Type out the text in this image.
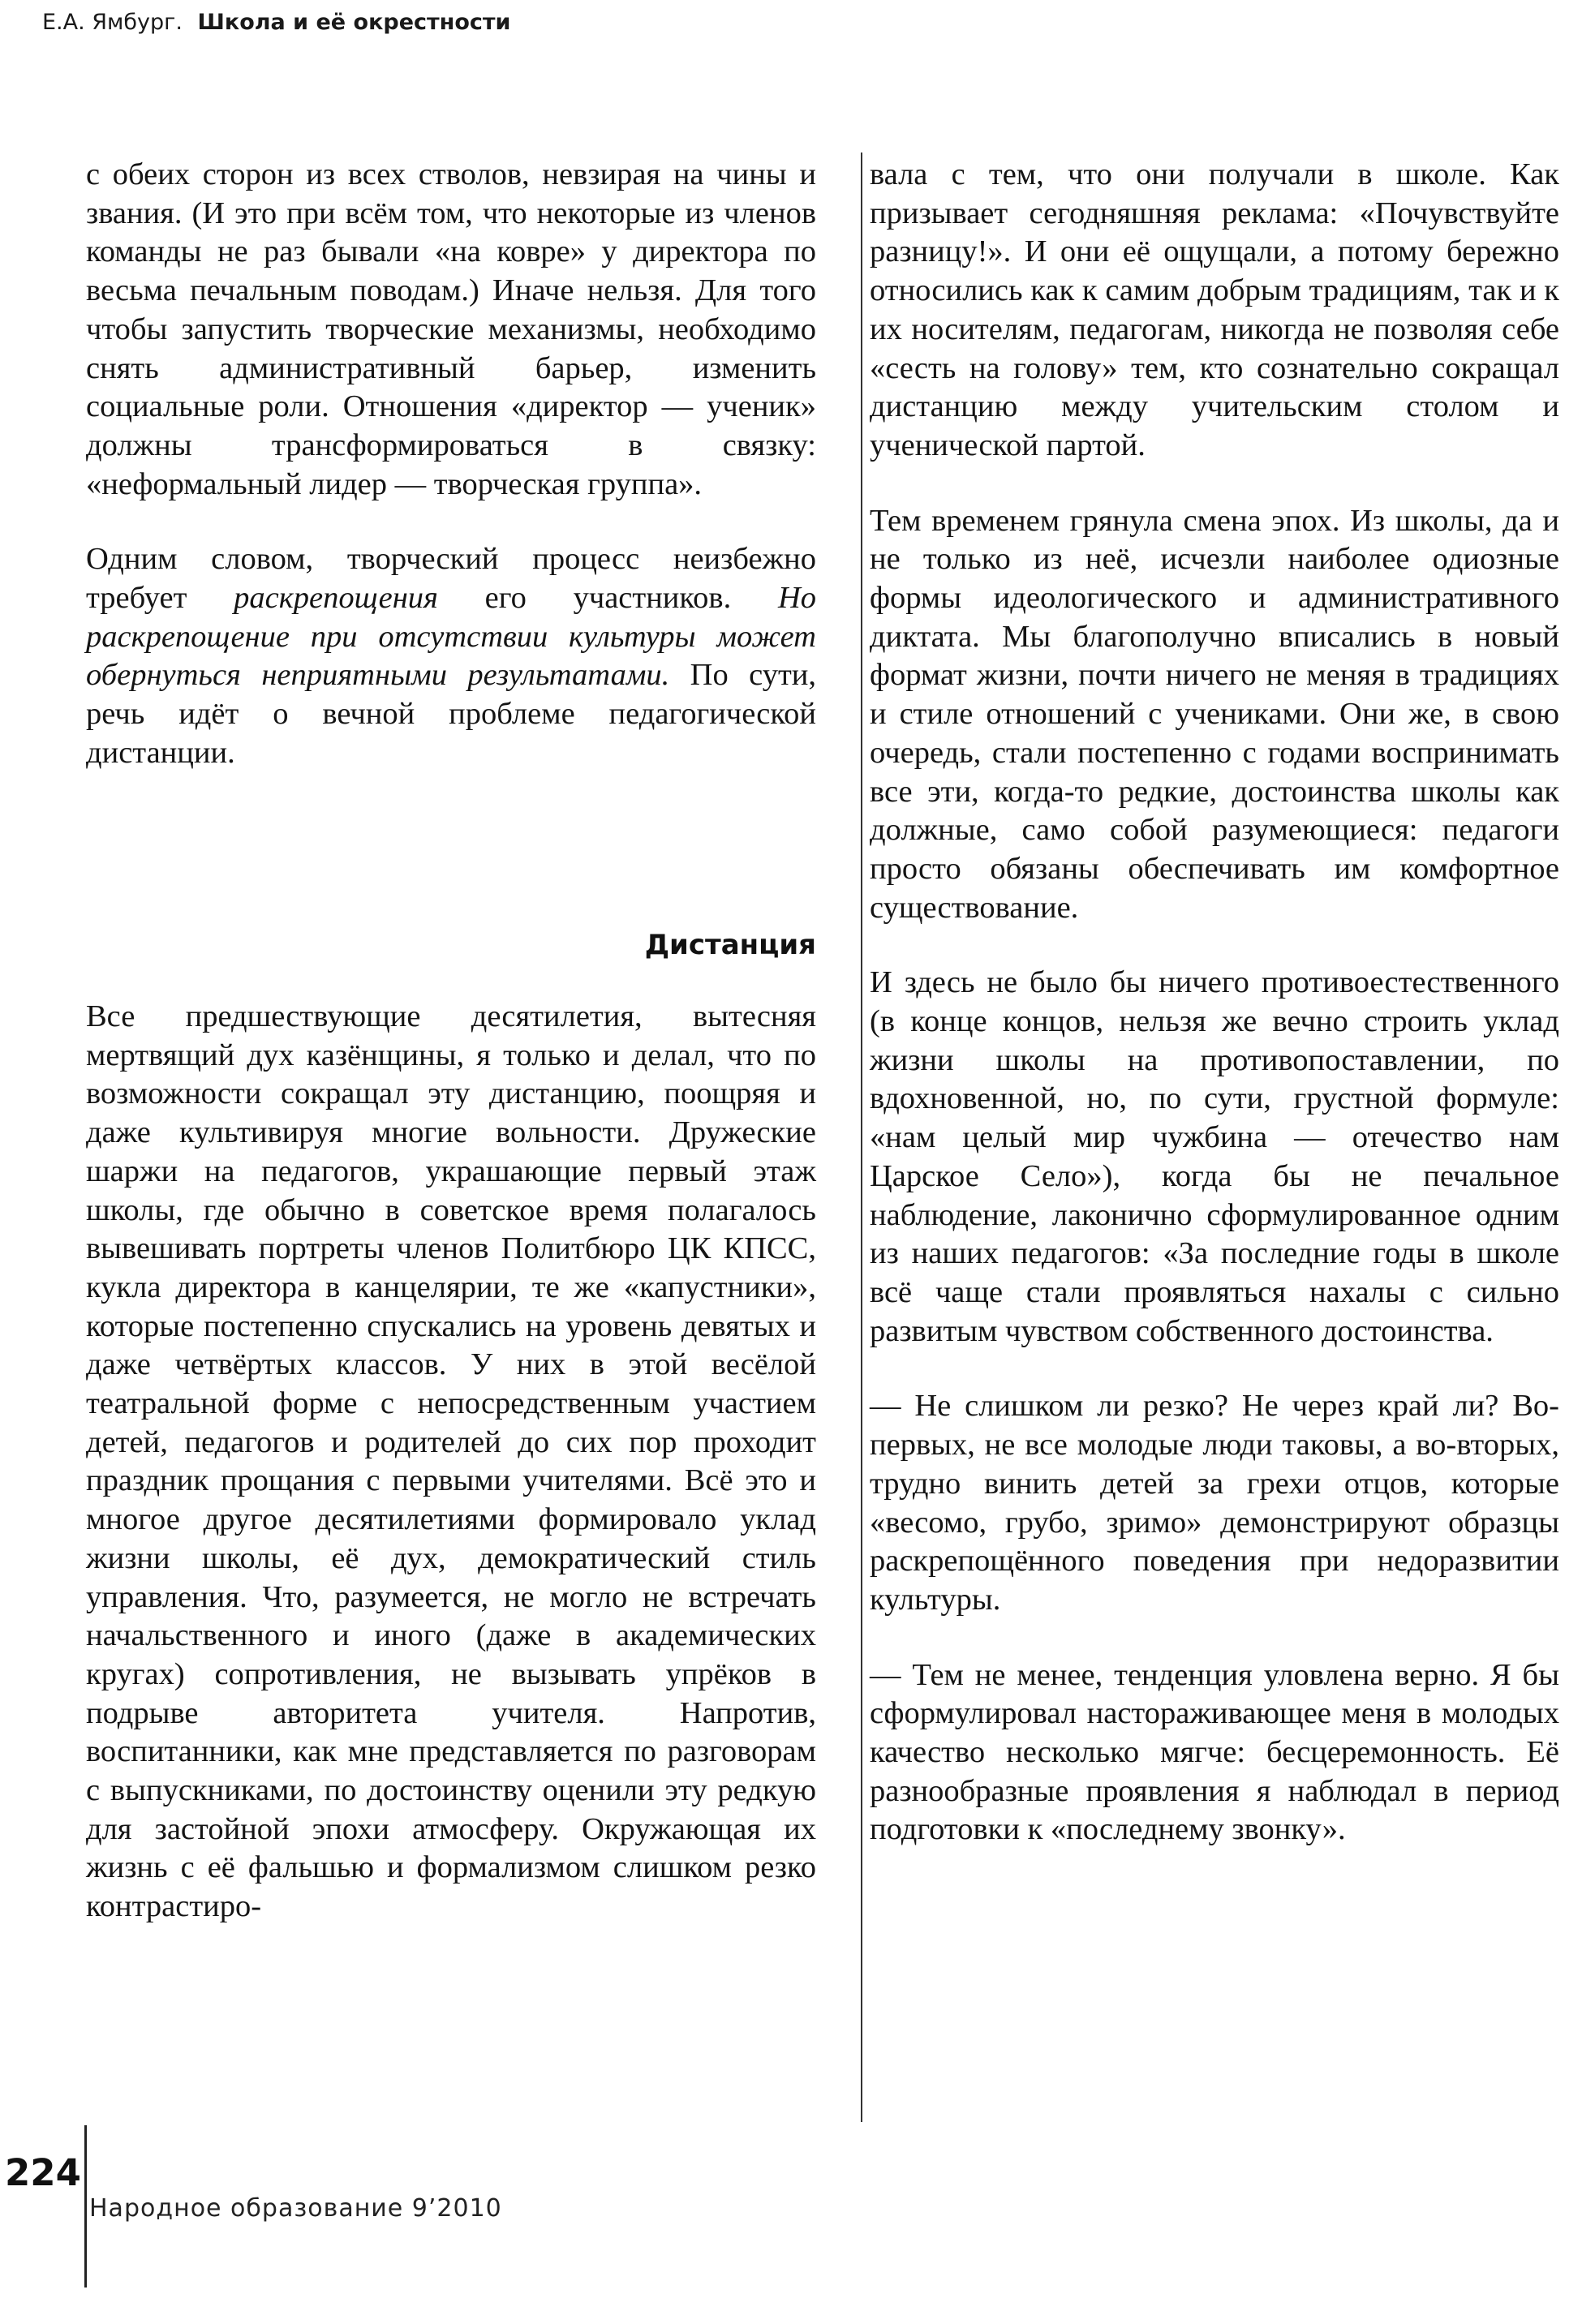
Е.А. Ямбург. Школа и её окрестности

с обеих сторон из всех стволов, невзирая на чины и звания. (И это при всём том, что некоторые из членов команды не раз бывали «на ковре» у директора по весьма печальным поводам.) Иначе нельзя. Для того чтобы запустить творческие механизмы, необходимо снять административный барьер, изменить социальные роли. Отношения «директор — ученик» должны трансформироваться в связку: «неформальный лидер — творческая группа».

Одним словом, творческий процесс неизбежно требует раскрепощения его участников. Но раскрепощение при отсутствии культуры может обернуться неприятными результатами. По сути, речь идёт о вечной проблеме педагогической дистанции.

Дистанция

Все предшествующие десятилетия, вытесняя мертвящий дух казёнщины, я только и делал, что по возможности сокращал эту дистанцию, поощряя и даже культивируя многие вольности. Дружеские шаржи на педагогов, украшающие первый этаж школы, где обычно в советское время полагалось вывешивать портреты членов Политбюро ЦК КПСС, кукла директора в канцелярии, те же «капустники», которые постепенно спускались на уровень девятых и даже четвёртых классов. У них в этой весёлой театральной форме с непосредственным участием детей, педагогов и родителей до сих пор проходит праздник прощания с первыми учителями. Всё это и многое другое десятилетиями формировало уклад жизни школы, её дух, демократический стиль управления. Что, разумеется, не могло не встречать начальственного и иного (даже в академических кругах) сопротивления, не вызывать упрёков в подрыве авторитета учителя. Напротив, воспитанники, как мне представляется по разговорам с выпускниками, по достоинству оценили эту редкую для застойной эпохи атмосферу. Окружающая их жизнь с её фальшью и формализмом слишком резко контрастиро-

вала с тем, что они получали в школе. Как призывает сегодняшняя реклама: «Почувствуйте разницу!». И они её ощущали, а потому бережно относились как к самим добрым традициям, так и к их носителям, педагогам, никогда не позволяя себе «сесть на голову» тем, кто сознательно сокращал дистанцию между учительским столом и ученической партой.

Тем временем грянула смена эпох. Из школы, да и не только из неё, исчезли наиболее одиозные формы идеологического и административного диктата. Мы благополучно вписались в новый формат жизни, почти ничего не меняя в традициях и стиле отношений с учениками. Они же, в свою очередь, стали постепенно с годами воспринимать все эти, когда-то редкие, достоинства школы как должные, само собой разумеющиеся: педагоги просто обязаны обеспечивать им комфортное существование.

И здесь не было бы ничего противоестественного (в конце концов, нельзя же вечно строить уклад жизни школы на противопоставлении, по вдохновенной, но, по сути, грустной формуле: «нам целый мир чужбина — отечество нам Царское Село»), когда бы не печальное наблюдение, лаконично сформулированное одним из наших педагогов: «За последние годы в школе всё чаще стали проявляться нахалы с сильно развитым чувством собственного достоинства.

— Не слишком ли резко? Не через край ли? Во-первых, не все молодые люди таковы, а во-вторых, трудно винить детей за грехи отцов, которые «весомо, грубо, зримо» демонстрируют образцы раскрепощённого поведения при недоразвитии культуры.

— Тем не менее, тенденция уловлена верно. Я бы сформулировал настораживающее меня в молодых качество несколько мягче: бесцеремонность. Её разнообразные проявления я наблюдал в период подготовки к «последнему звонку».

224
Народное образование 9’2010
